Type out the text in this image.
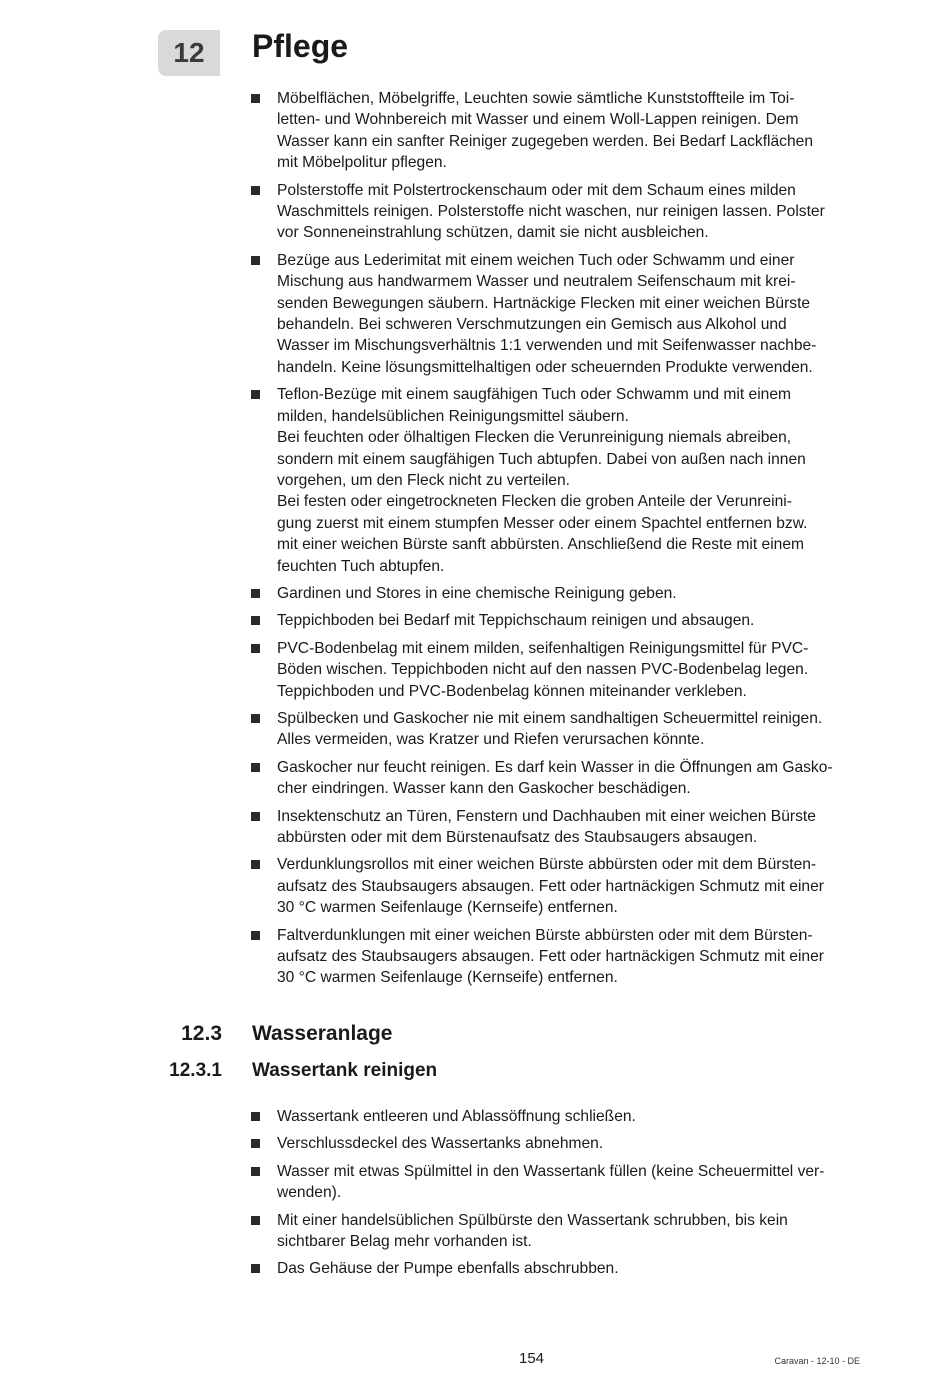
12 Pflege
Möbelflächen, Möbelgriffe, Leuchten sowie sämtliche Kunststoffteile im Toi-
letten- und Wohnbereich mit Wasser und einem Woll-Lappen reinigen. Dem
Wasser kann ein sanfter Reiniger zugegeben werden. Bei Bedarf Lackflächen
mit Möbelpolitur pflegen.
Polsterstoffe mit Polstertrockenschaum oder mit dem Schaum eines milden
Waschmittels reinigen. Polsterstoffe nicht waschen, nur reinigen lassen. Polster
vor Sonneneinstrahlung schützen, damit sie nicht ausbleichen.
Bezüge aus Lederimitat mit einem weichen Tuch oder Schwamm und einer
Mischung aus handwarmem Wasser und neutralem Seifenschaum mit krei-
senden Bewegungen säubern. Hartnäckige Flecken mit einer weichen Bürste
behandeln. Bei schweren Verschmutzungen ein Gemisch aus Alkohol und
Wasser im Mischungsverhältnis 1:1 verwenden und mit Seifenwasser nachbe-
handeln. Keine lösungsmittelhaltigen oder scheuernden Produkte verwenden.
Teflon-Bezüge mit einem saugfähigen Tuch oder Schwamm und mit einem
milden, handelsüblichen Reinigungsmittel säubern.
Bei feuchten oder ölhaltigen Flecken die Verunreinigung niemals abreiben,
sondern mit einem saugfähigen Tuch abtupfen. Dabei von außen nach innen
vorgehen, um den Fleck nicht zu verteilen.
Bei festen oder eingetrockneten Flecken die groben Anteile der Verunreini-
gung zuerst mit einem stumpfen Messer oder einem Spachtel entfernen bzw.
mit einer weichen Bürste sanft abbürsten. Anschließend die Reste mit einem
feuchten Tuch abtupfen.
Gardinen und Stores in eine chemische Reinigung geben.
Teppichboden bei Bedarf mit Teppichschaum reinigen und absaugen.
PVC-Bodenbelag mit einem milden, seifenhaltigen Reinigungsmittel für PVC-
Böden wischen. Teppichboden nicht auf den nassen PVC-Bodenbelag legen.
Teppichboden und PVC-Bodenbelag können miteinander verkleben.
Spülbecken und Gaskocher nie mit einem sandhaltigen Scheuermittel reinigen.
Alles vermeiden, was Kratzer und Riefen verursachen könnte.
Gaskocher nur feucht reinigen. Es darf kein Wasser in die Öffnungen am Gasko-
cher eindringen. Wasser kann den Gaskocher beschädigen.
Insektenschutz an Türen, Fenstern und Dachhauben mit einer weichen Bürste
abbürsten oder mit dem Bürstenaufsatz des Staubsaugers absaugen.
Verdunklungsrollos mit einer weichen Bürste abbürsten oder mit dem Bürsten-
aufsatz des Staubsaugers absaugen. Fett oder hartnäckigen Schmutz mit einer
30 °C warmen Seifenlauge (Kernseife) entfernen.
Faltverdunklungen mit einer weichen Bürste abbürsten oder mit dem Bürsten-
aufsatz des Staubsaugers absaugen. Fett oder hartnäckigen Schmutz mit einer
30 °C warmen Seifenlauge (Kernseife) entfernen.
12.3 Wasseranlage
12.3.1 Wassertank reinigen
Wassertank entleeren und Ablassöffnung schließen.
Verschlussdeckel des Wassertanks abnehmen.
Wasser mit etwas Spülmittel in den Wassertank füllen (keine Scheuermittel ver-
wenden).
Mit einer handelsüblichen Spülbürste den Wassertank schrubben, bis kein
sichtbarer Belag mehr vorhanden ist.
Das Gehäuse der Pumpe ebenfalls abschrubben.
154	Caravan - 12-10 - DE
